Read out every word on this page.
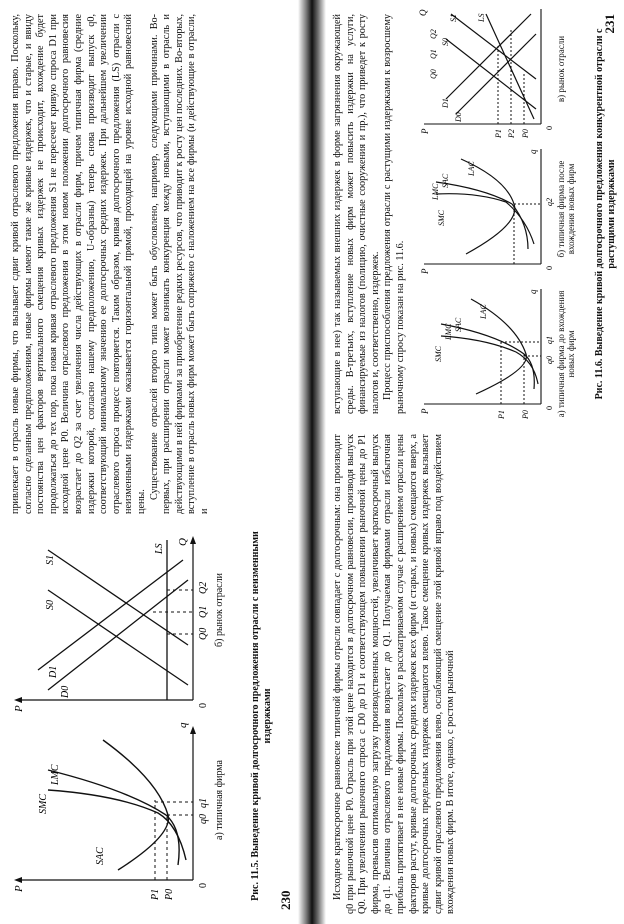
230
P
P1 P0
0
q
q0
q1
SAC
LMC
SMC
P	0
Q
Q0
Q1
Q2
D0
D1
S0
S1
LS
а) типичная фирма
б) рынок отрасли
Рис. 11.5. Выведение кривой долгосрочного предложения отрасли с неизменными издержками

привлекает в отрасль новые фирмы, что вызывает сдвиг кривой отраслевого предложения вправо. Поскольку, согласно сделанным предположениям, новые фирмы имеют такие же кривые издержек, что и старые, и ввиду постоянства цен факторов вертикального смещения кривых издержек не происходит, вхождение будет продолжаться до тех пор, пока новая кривая отраслевого предложения S1 не пересечет кривую спроса D1 при исходной цене P0. Величина отраслевого предложения в этом новом положении долгосрочного равновесия возрастает до Q2 за счет увеличения числа действующих в отрасли фирм, причем типичная фирма (средние издержки которой, согласно нашему предположению, U-образны) теперь снова производит выпуск q0, соответствующий минимальному значению ее долгосрочных средних издержек. При дальнейшем увеличении отраслевого спроса процесс повторяется. Таким образом, кривая долгосрочного предложения (LS) отрасли с неизменными издержками оказывается горизонтальной прямой, проходящей на уровне исходной равновесной цены.

Существование отраслей второго типа может быть обусловлено, например, следующими причинами. Во-первых, при расширении отрасли может возникать конкуренция между новыми, вступающими в отрасль и действующими в ней фирмами за приобретение редких ресурсов, что приводит к росту цен последних. Во-вторых, вступление в отрасль новых фирм может быть сопряжено с наложением на все фирмы (и действующие в отрасли, и

231

вступающие в нее) так называемых внешних издержек в форме загрязнения окружающей среды. В-третьих, вступление новых фирм может повысить издержки на услуги, финансируемые из налогов (полицию, очистные сооружения и пр.), что приведет к росту налогов и, соответственно, издержек. Процесс приспособления предложения отрасли с растущими издержками к возросшему рыночному спросу показан на рис. 11.6. P	P1 P0
0
q
q0
q1
SMC
LMC SAC
LAC
P
0
q
q2
SMC
LMC
SAC
LAC
P	P1 P2 P0
0
Q
Q0
Q1
Q2
D0
D1
S0
S1 LS
а) типичная фирма до вхождения новых фирм
б) типичная фирма после вхождения новых фирм
в) рынок отрасли
Рис. 11.6. Выведение кривой долгосрочного предложения конкурентной отрасли с растущими издержками

Исходное краткосрочное равновесие типичной фирмы отрасли совпадает с долгосрочным: она производит q0 при рыночной цене P0. Отрасль при этой цене находится в долгосрочном равновесии, производя выпуск Q0. При увеличении рыночного спроса с D0 до D1 и соответствующем повышении рыночной цены до P1 фирма, превысив оптимальную загрузку производственных мощностей, увеличивает краткосрочный выпуск до q1. Величина отраслевого предложения возрастает до Q1. Получаемая фирмами отрасли избыточная прибыль притягивает в нее новые фирмы. Поскольку в рассматриваемом случае с расширением отрасли цены факторов растут, кривые долгосрочных средних издержек всех фирм (и старых, и новых) смещаются вверх, а кривые долгосрочных предельных издержек смещаются влево. Такое смещение кривых издержек вызывает сдвиг кривой отраслевого предложения влево, ослабляющий смещение этой кривой вправо под воздействием вхождения новых фирм. В итоге, однако, с ростом рыночной
